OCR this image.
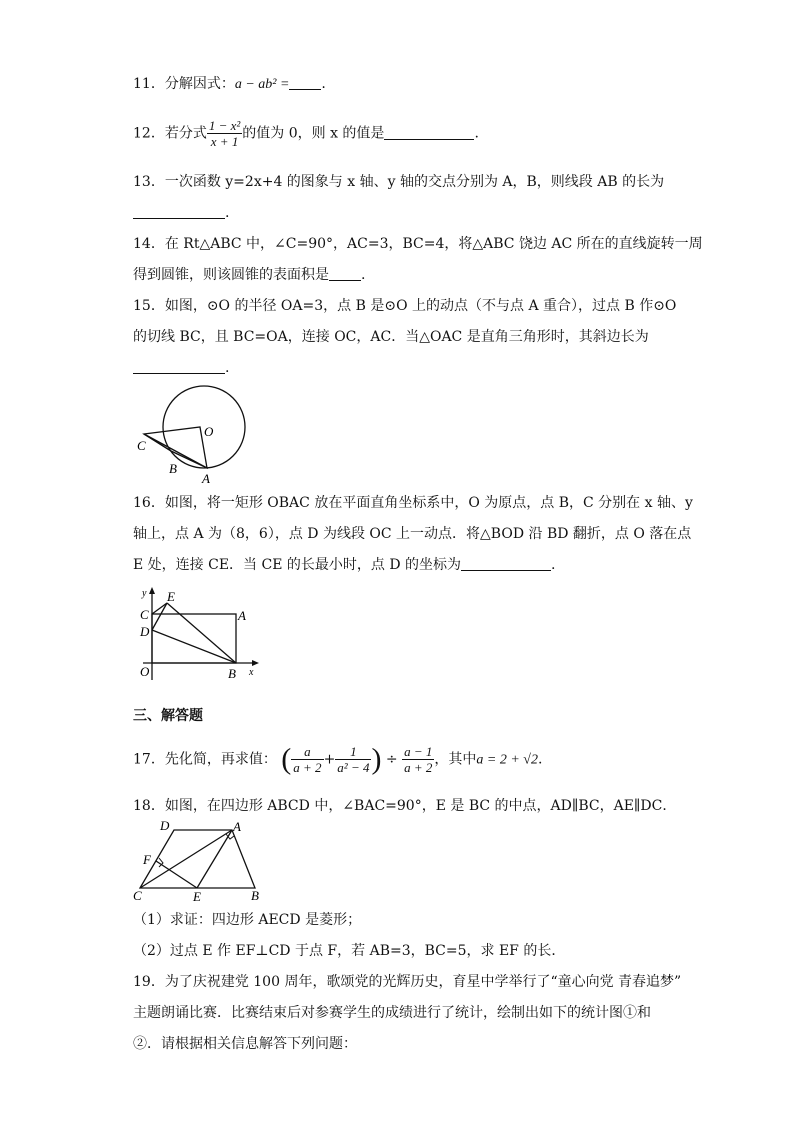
11．分解因式：a − ab² = .
12．若分式 $\frac{\text{1 − x²}}{x + 1}$ 的值为 0，则 x 的值是	.
13．一次函数 y=2x+4 的图象与 x 轴、y 轴的交点分别为 A，B，则线段 AB 的长为
.
14．在 Rt△ABC 中，∠C=90°，AC=3，BC=4，将△ABC 饶边 AC 所在的直线旋转一周
得到圆锥，则该圆锥的表面积是 .
15．如图，⊙O 的半径 OA=3，点 B 是⊙O 上的动点（不与点 A 重合），过点 B 作⊙O
的切线 BC，且 BC=OA，连接 OC，AC．当△OAC 是直角三角形时，其斜边长为
.
O
C
B
A
16．如图，将一矩形 OBAC 放在平面直角坐标系中，O 为原点，点 B，C 分别在 x 轴、y
轴上，点 A 为（8，6），点 D 为线段 OC 上一动点．将△BOD 沿 BD 翻折，点 O 落在点
E 处，连接 CE．当 CE 的长最小时，点 D 的坐标为	.
y
x
C
E
A
D
O	B
三、解答题
17．先化简，再求值： ( $\frac{a}{a + 2} + \frac{1}{\text{a² − 4}}$ ) ÷ $\frac{a - 1}{a + 2}$ ，其中a = 2 + √2.
18．如图，在四边形 ABCD 中，∠BAC=90°，E 是 BC 的中点，AD∥BC，AE∥DC．
D	A
F
C	E	B
（1）求证：四边形 AECD 是菱形；
（2）过点 E 作 EF⊥CD 于点 F，若 AB=3，BC=5，求 EF 的长．
19．为了庆祝建党 100 周年，歌颂党的光辉历史，育星中学举行了“童心向党 青春追梦”
主题朗诵比赛．比赛结束后对参赛学生的成绩进行了统计，绘制出如下的统计图①和
②．请根据相关信息解答下列问题：
